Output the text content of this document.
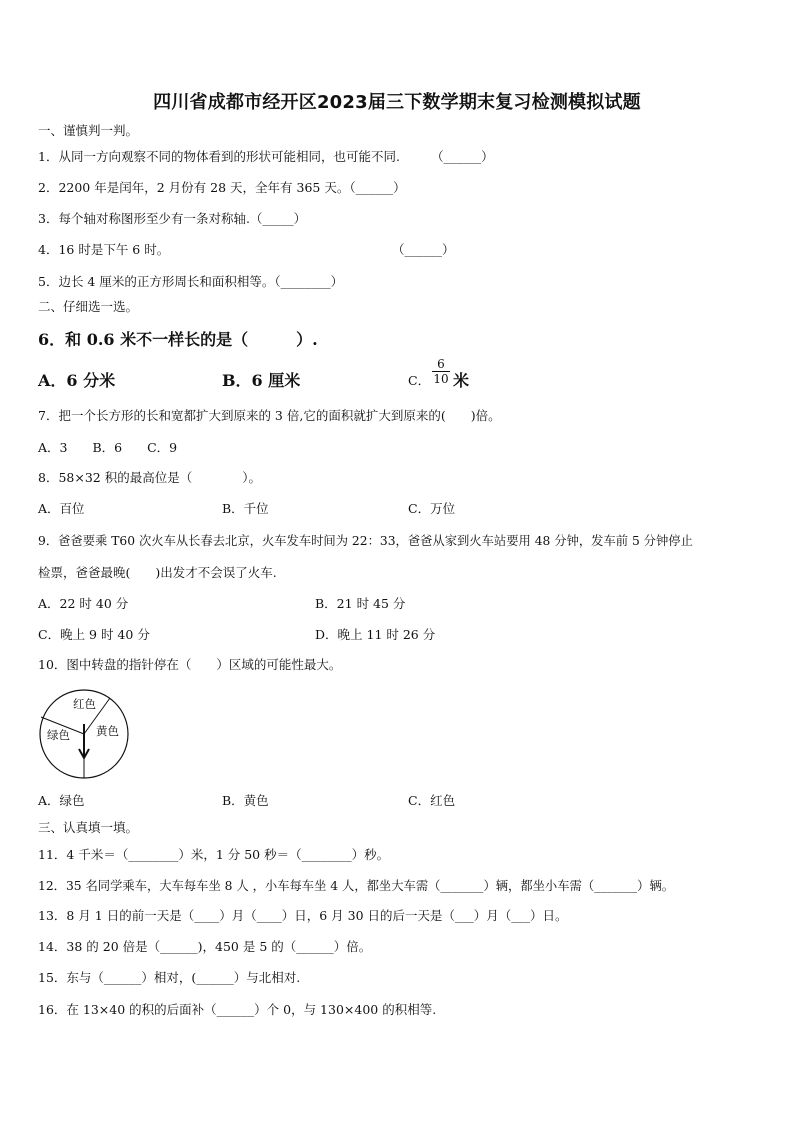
四川省成都市经开区2023届三下数学期末复习检测模拟试题
一、谨慎判一判。
1．从同一方向观察不同的物体看到的形状可能相同，也可能不同.　　　（______）
2．2200 年是闰年，2 月份有 28 天，全年有 365 天。（______）
3．每个轴对称图形至少有一条对称轴.（_____）
4．16 时是下午 6 时。	（______）
5．边长 4 厘米的正方形周长和面积相等。（________）
二、仔细选一选。
6．和 0.6 米不一样长的是（　　　）.
A．6 分米	B．6 厘米	C．
6
10 米
7．把一个长方形的长和宽都扩大到原来的 3 倍,它的面积就扩大到原来的(　　)倍。
A．3　　B．6　　C．9
8．58×32 积的最高位是（　　　　）。
A．百位	B．千位	C．万位
9．爸爸要乘 T60 次火车从长春去北京，火车发车时间为 22：33，爸爸从家到火车站要用 48 分钟，发车前 5 分钟停止
检票，爸爸最晚(　　)出发才不会误了火车.
A．22 时 40 分	B．21 时 45 分
C．晚上 9 时 40 分	D．晚上 11 时 26 分
10．图中转盘的指针停在（　　）区域的可能性最大。
红色
绿色 黄色
A．绿色	B．黄色	C．红色
三、认真填一填。
11．4 千米＝（________）米，1 分 50 秒＝（________）秒。
12．35 名同学乘车，大车每车坐 8 人 ，小车每车坐 4 人，都坐大车需（_______）辆，都坐小车需（_______）辆。
13．8 月 1 日的前一天是（____）月（____）日，6 月 30 日的后一天是（___）月（___）日。
14．38 的 20 倍是（______)，450 是 5 的（______）倍。
15．东与（______）相对，(______）与北相对.
16．在 13×40 的积的后面补（______）个 0，与 130×400 的积相等.
